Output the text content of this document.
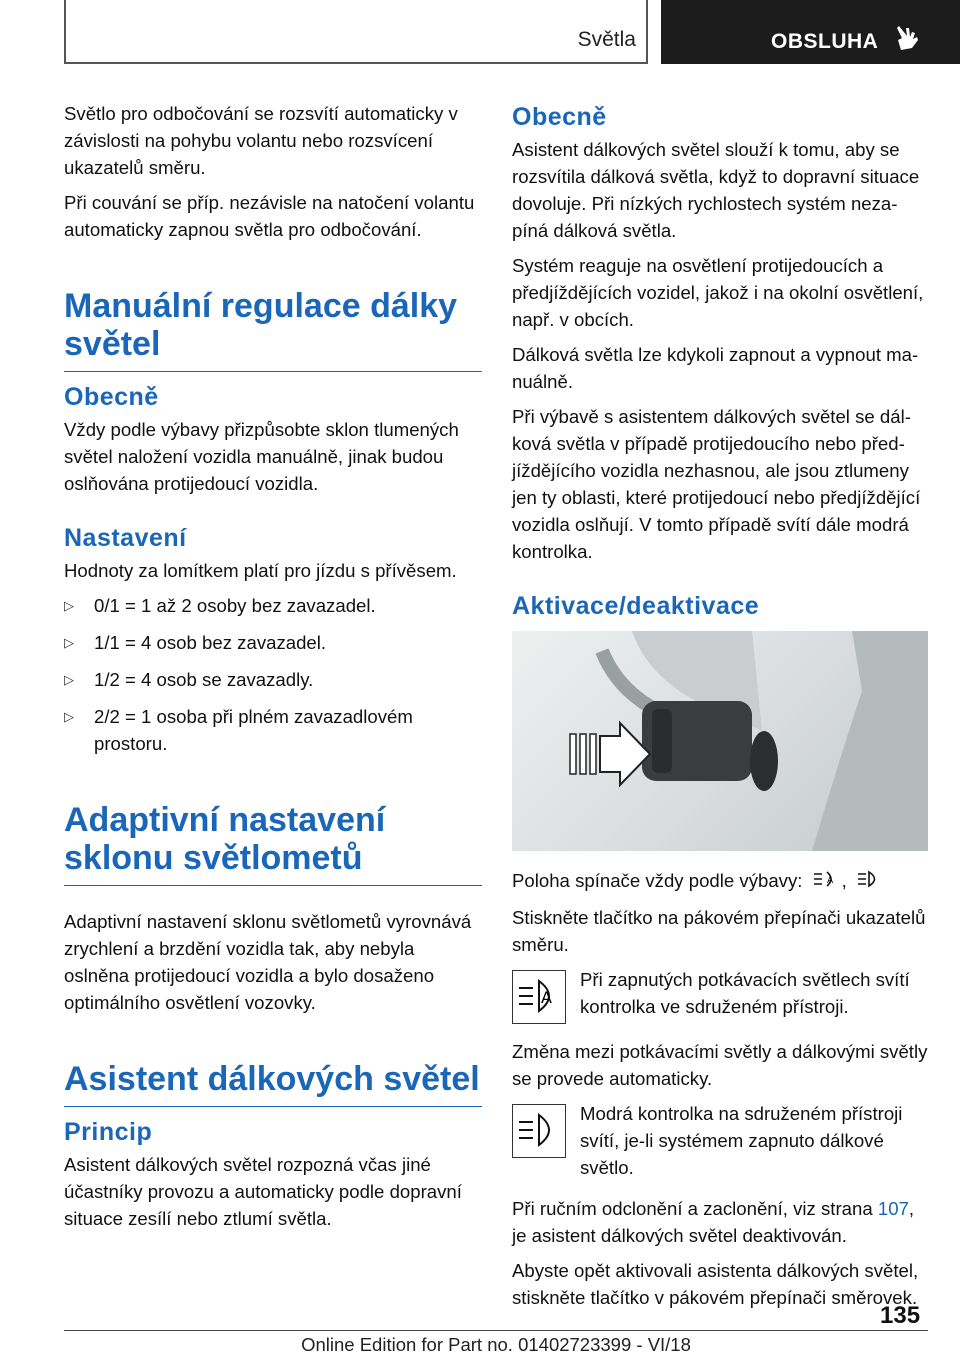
Světla	OBSLUHA

Světlo pro odbočování se rozsvítí automaticky v závislosti na pohybu volantu nebo rozsvícení ukazatelů směru.

Při couvání se příp. nezávisle na natočení volantu automaticky zapnou světla pro odbočování.

Manuální regulace dálky světel
Obecně

Vždy podle výbavy přizpůsobte sklon tlumených světel naložení vozidla manuálně, jinak budou oslňována protijedoucí vozidla.

Nastavení

Hodnoty za lomítkem platí pro jízdu s přívěsem.

▷ 0/1 = 1 až 2 osoby bez zavazadel.
▷ 1/1 = 4 osob bez zavazadel.
▷ 1/2 = 4 osob se zavazadly.
▷ 2/2 = 1 osoba při plném zavazadlovém prostoru.
Adaptivní nastavení sklonu světlometů

Adaptivní nastavení sklonu světlometů vyrovnává zrychlení a brzdění vozidla tak, aby nebyla oslněna protijedoucí vozidla a bylo dosaženo optimálního osvětlení vozovky.

Asistent dálkových světel
Princip

Asistent dálkových světel rozpozná včas jiné účastníky provozu a automaticky podle dopravní situace zesílí nebo ztlumí světla.

Obecně

Asistent dálkových světel slouží k tomu, aby se rozsvítila dálková světla, když to dopravní situace dovoluje. Při nízkých rychlostech systém neza-píná dálková světla.

Systém reaguje na osvětlení protijedoucích a předjíždějících vozidel, jakož i na okolní osvětlení, např. v obcích.

Dálková světla lze kdykoli zapnout a vypnout ma-nuálně.

Při výbavě s asistentem dálkových světel se dál-ková světla v případě protijedoucího nebo před-jíždějícího vozidla nezhasnou, ale jsou ztlumeny jen ty oblasti, které protijedoucí nebo předjíždějící vozidla oslňují. V tomto případě svítí dále modrá kontrolka.

Aktivace/deaktivace

Poloha spínače vždy podle výbavy:	A ,

Stiskněte tlačítko na pákovém přepínači ukazatelů směru.

A
Při zapnutých potkávacích světlech svítí kontrolka ve sdruženém přístroji.

Změna mezi potkávacími světly a dálkovými světly se provede automaticky.

Modrá kontrolka na sdruženém přístroji svítí, je-li systémem zapnuto dálkové světlo.

Při ručním odclonění a zaclonění, viz strana 107, je asistent dálkových světel deaktivován.

Abyste opět aktivovali asistenta dálkových světel, stiskněte tlačítko v pákovém přepínači směrovek.

135
Online Edition for Part no. 01402723399 - VI/18
